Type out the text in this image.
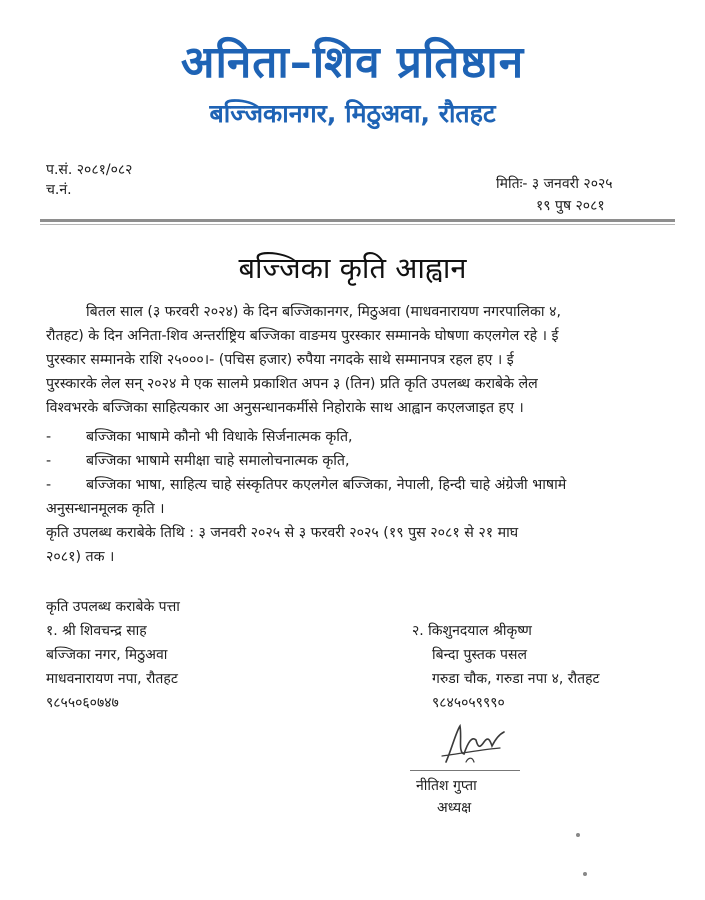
अनिता–शिव प्रतिष्ठान
बज्जिकानगर, मिठुअवा, रौतहट
प.सं. २०८१/०८२
च.नं.	मितिः- ३ जनवरी २०२५
१९ पुष २०८१
बज्जिका कृति आह्वान
बितल साल (३ फरवरी २०२४) के दिन बज्जिकानगर, मिठुअवा (माधवनारायण नगरपालिका ४,
रौतहट) के दिन अनिता-शिव अन्तर्राष्ट्रिय बज्जिका वाङमय पुरस्कार सम्मानके घोषणा कएलगेल रहे । ई
पुरस्कार सम्मानके राशि २५०००।- (पचिस हजार) रुपैया नगदके साथे सम्मानपत्र रहल हए । ई
पुरस्कारके लेल सन् २०२४ मे एक सालमे प्रकाशित अपन ३ (तिन) प्रति कृति उपलब्ध कराबेके लेल
विश्वभरके बज्जिका साहित्यकार आ अनुसन्धानकर्मीसे निहोराके साथ आह्वान कएलजाइत हए ।
-	बज्जिका भाषामे कौनो भी विधाके सिर्जनात्मक कृति,
-	बज्जिका भाषामे समीक्षा चाहे समालोचनात्मक कृति,
-	बज्जिका भाषा, साहित्य चाहे संस्कृतिपर कएलगेल बज्जिका, नेपाली, हिन्दी चाहे अंग्रेजी भाषामे
अनुसन्धानमूलक कृति ।
कृति उपलब्ध कराबेके तिथि : ३ जनवरी २०२५ से ३ फरवरी २०२५ (१९ पुस २०८१ से २१ माघ
२०८१) तक ।
कृति उपलब्ध कराबेके पत्ता
१. श्री शिवचन्द्र साह
बज्जिका नगर, मिठुअवा
माधवनारायण नपा, रौतहट
९८५५०६०७४७
२. किशुनदयाल श्रीकृष्ण
बिन्दा पुस्तक पसल
गरुडा चौक, गरुडा नपा ४, रौतहट
९८४५०५९९९०
नीतिश गुप्ता
अध्यक्ष
